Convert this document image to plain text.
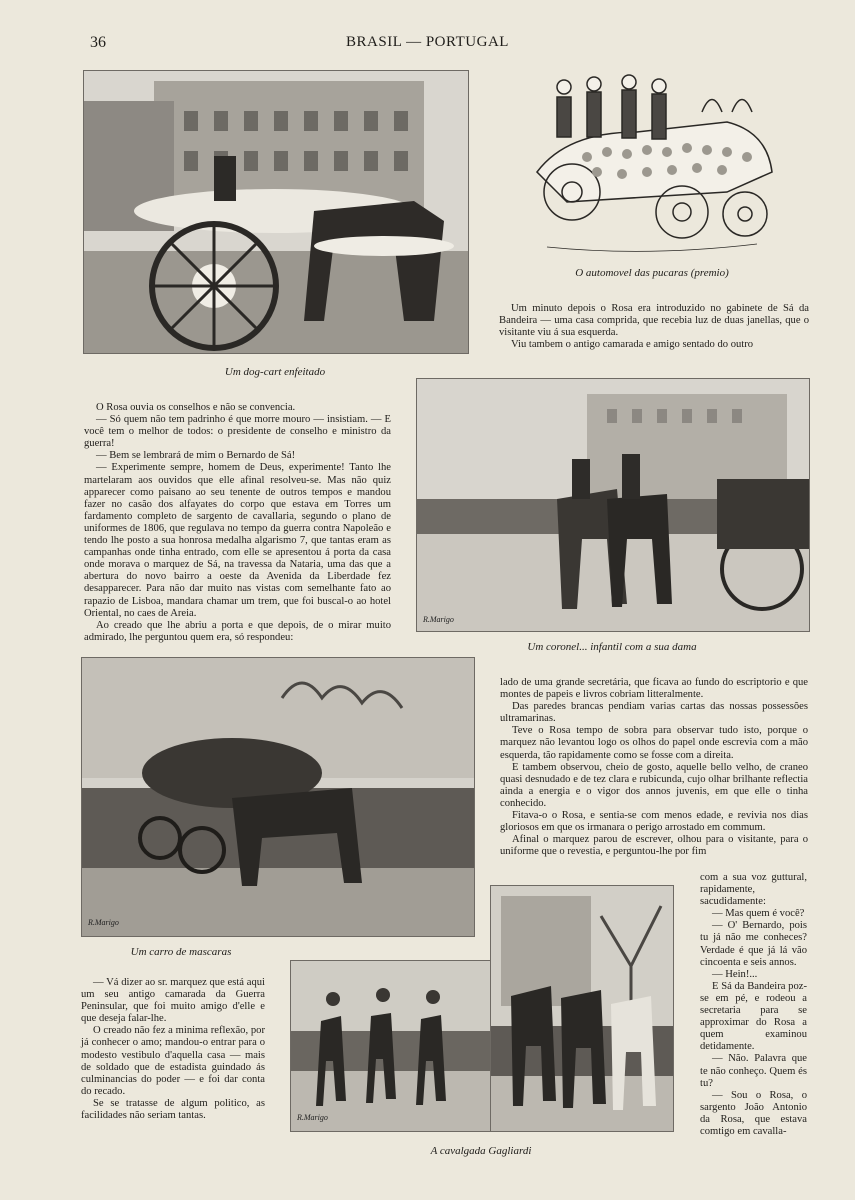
36	BRASIL — PORTUGAL
Um dog-cart enfeitado
O automovel das pucaras (premio)

Um minuto depois o Rosa era introduzido no gabinete de Sá da Bandeira — uma casa comprida, que recebia luz de duas janellas, que o visitante viu á sua esquerda.

Viu tambem o antigo camarada e amigo sentado do outro

O Rosa ouvia os conselhos e não se convencia.

— Só quem não tem padrinho é que morre mouro — insistiam. — E você tem o melhor de todos: o presidente de conselho e ministro da guerra!

— Bem se lembrará de mim o Bernardo de Sá!

— Experimente sempre, homem de Deus, experimente! Tanto lhe martelaram aos ouvidos que elle afinal resolveu-se. Mas não quiz apparecer como paisano ao seu tenente de outros tempos e mandou fazer no casão dos alfayates do corpo que estava em Torres um fardamento completo de sargento de cavallaria, segundo o plano de uniformes de 1806, que regulava no tempo da guerra contra Napoleão e tendo lhe posto a sua honrosa medalha algarismo 7, que tantas eram as campanhas onde tinha entrado, com elle se apresentou á porta da casa onde morava o marquez de Sá, na travessa da Nataria, uma das que a abertura do novo bairro a oeste da Avenida da Liberdade fez desapparecer. Para não dar muito nas vistas com semelhante fato ao rapazio de Lisboa, mandara chamar um trem, que foi buscal-o ao hotel Oriental, no caes de Areia.

Ao creado que lhe abriu a porta e que depois, de o mirar muito admirado, lhe perguntou quem era, só respondeu:

R.Marigo
Um coronel... infantil com a sua dama
R.Marigo
Um carro de mascaras

lado de uma grande secretária, que ficava ao fundo do escriptorio e que montes de papeis e livros cobriam litteralmente.

Das paredes brancas pendiam varias cartas das nossas possessões ultramarinas.

Teve o Rosa tempo de sobra para observar tudo isto, porque o marquez não levantou logo os olhos do papel onde escrevia com a mão esquerda, tão rapidamente como se fosse com a direita.

E tambem observou, cheio de gosto, aquelle bello velho, de craneo quasi desnudado e de tez clara e rubicunda, cujo olhar brilhante reflectia ainda a energia e o vigor dos annos juvenis, em que elle o tinha conhecido.

Fitava-o o Rosa, e sentia-se com menos edade, e revivia nos dias gloriosos em que os irmanara o perigo arrostado em commum.

Afinal o marquez parou de escrever, olhou para o visitante, para o uniforme que o revestia, e perguntou-lhe por fim

com a sua voz guttural, rapidamente, sacudidamente:

— Mas quem é você?

— O' Bernardo, pois tu já não me conheces? Verdade é que já lá vão cincoenta e seis annos.

— Hein!...

E Sá da Bandeira poz-se em pé, e rodeou a secretaria para se approximar do Rosa a quem examinou detidamente.

— Não. Palavra que te não conheço. Quem és tu?

— Sou o Rosa, o sargento João Antonio da Rosa, que estava comtigo em cavalla-

— Vá dizer ao sr. marquez que está aqui um seu antigo camarada da Guerra Peninsular, que foi muito amigo d'elle e que deseja falar-lhe.

O creado não fez a minima reflexão, por já conhecer o amo; mandou-o entrar para o modesto vestibulo d'aquella casa — mais de soldado que de estadista guindado ás culminancias do poder — e foi dar conta do recado.

Se se tratasse de algum politico, as facilidades não seriam tantas.	R.Marigo
A cavalgada Gagliardi
